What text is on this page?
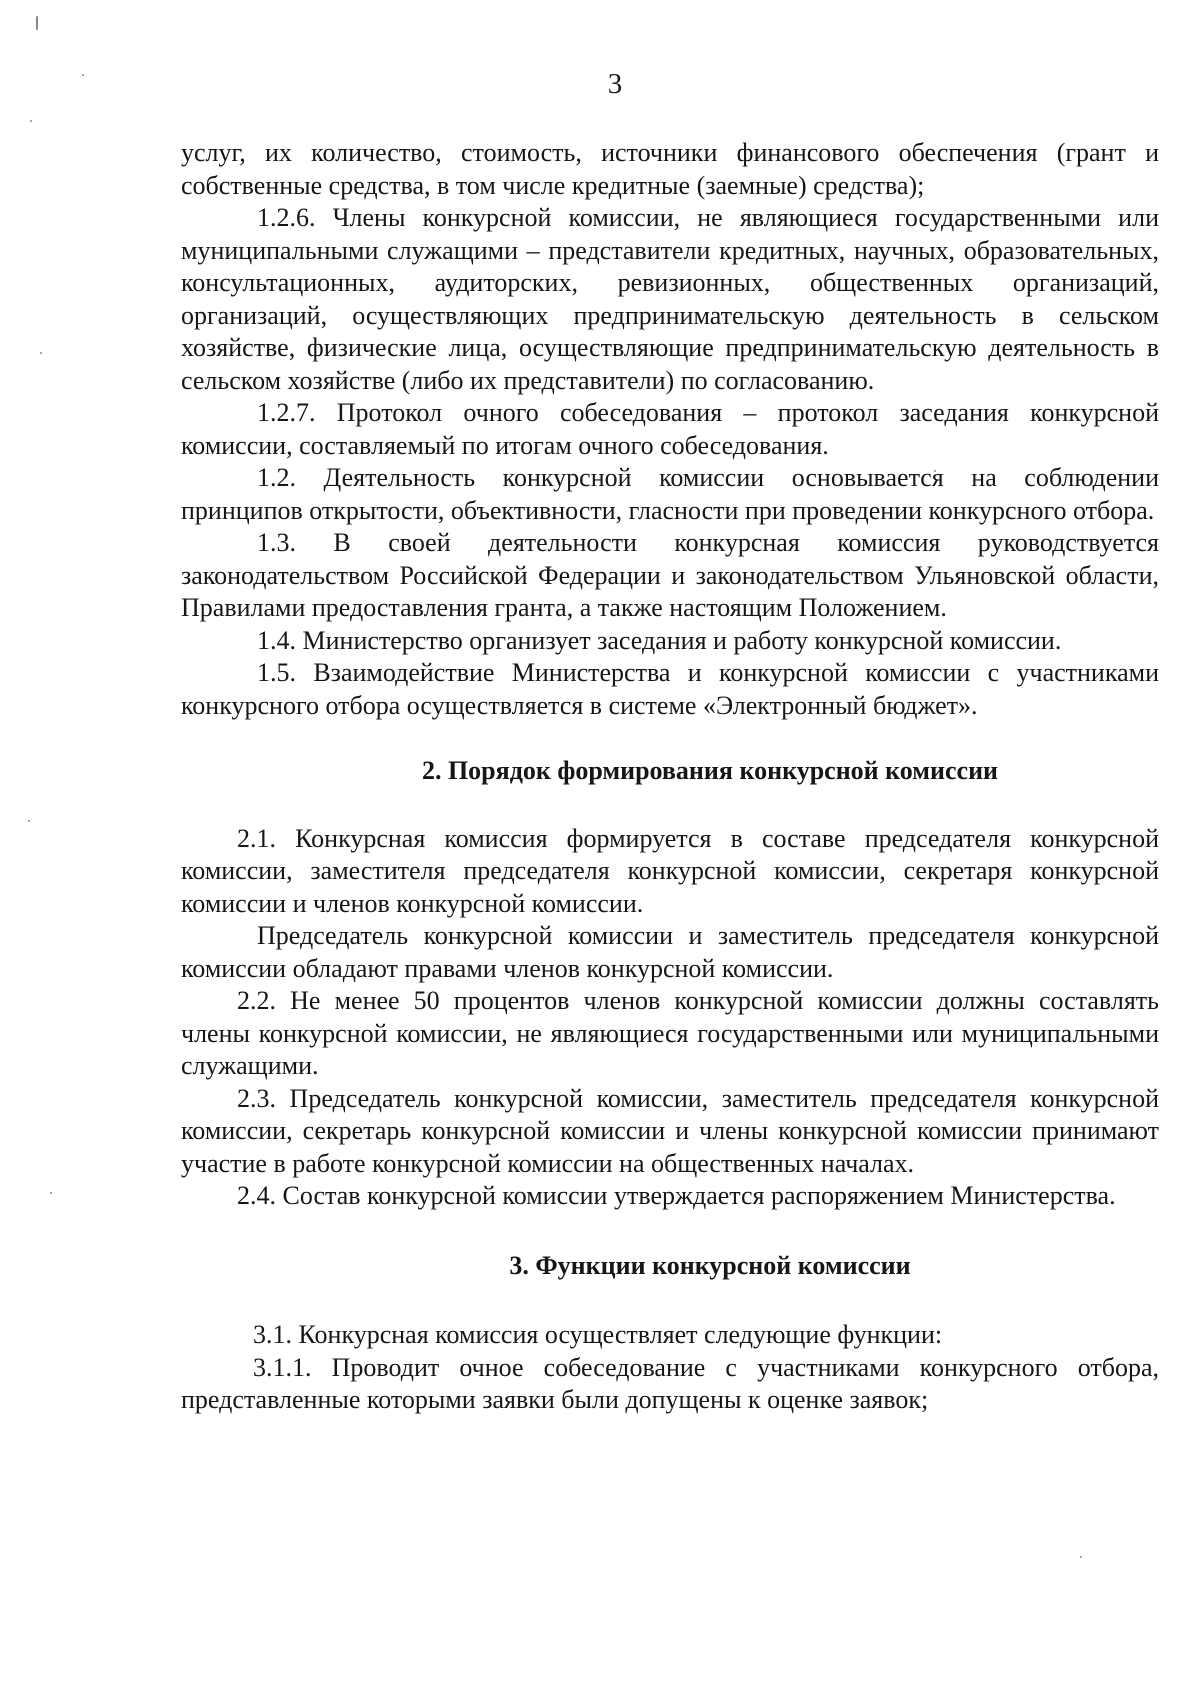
3

услуг, их количество, стоимость, источники финансового обеспечения (грант и собственные средства, в том числе кредитные (заемные) средства);

1.2.6. Члены конкурсной комиссии, не являющиеся государственными или муниципальными служащими – представители кредитных, научных, образовательных, консультационных, аудиторских, ревизионных, общественных организаций, организаций, осуществляющих предпринимательскую деятельность в сельском хозяйстве, физические лица, осуществляющие предпринимательскую деятельность в сельском хозяйстве (либо их представители) по согласованию.

1.2.7. Протокол очного собеседования – протокол заседания конкурсной комиссии, составляемый по итогам очного собеседования.

1.2. Деятельность конкурсной комиссии основывается на соблюдении принципов открытости, объективности, гласности при проведении конкурсного отбора.

1.3. В своей деятельности конкурсная комиссия руководствуется законодательством Российской Федерации и законодательством Ульяновской области, Правилами предоставления гранта, а также настоящим Положением.

1.4. Министерство организует заседания и работу конкурсной комиссии.

1.5. Взаимодействие Министерства и конкурсной комиссии с участниками конкурсного отбора осуществляется в системе «Электронный бюджет».

2. Порядок формирования конкурсной комиссии

2.1. Конкурсная комиссия формируется в составе председателя конкурсной комиссии, заместителя председателя конкурсной комиссии, секретаря конкурсной комиссии и членов конкурсной комиссии.

Председатель конкурсной комиссии и заместитель председателя конкурсной комиссии обладают правами членов конкурсной комиссии.

2.2. Не менее 50 процентов членов конкурсной комиссии должны составлять члены конкурсной комиссии, не являющиеся государственными или муниципальными служащими.

2.3. Председатель конкурсной комиссии, заместитель председателя конкурсной комиссии, секретарь конкурсной комиссии и члены конкурсной комиссии принимают участие в работе конкурсной комиссии на общественных началах.

2.4. Состав конкурсной комиссии утверждается распоряжением Министерства.

3. Функции конкурсной комиссии

3.1. Конкурсная комиссия осуществляет следующие функции:

3.1.1. Проводит очное собеседование с участниками конкурсного отбора, представленные которыми заявки были допущены к оценке заявок;
